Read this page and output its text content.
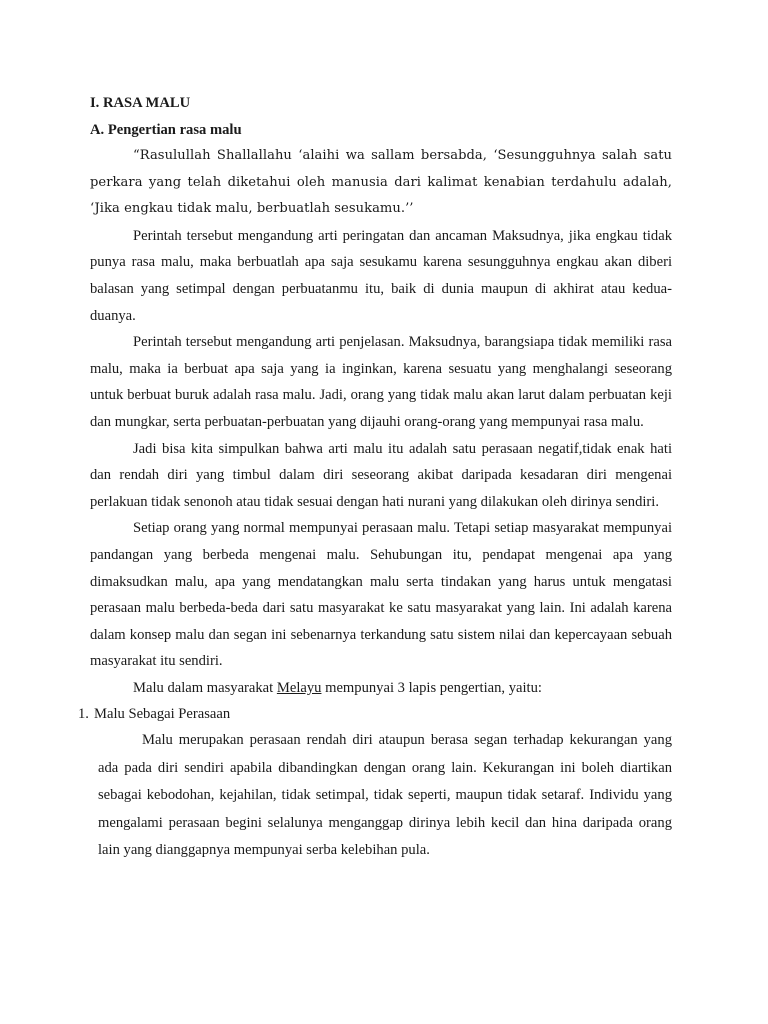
I. RASA MALU

A. Pengertian rasa malu

“Rasulullah Shallallahu ‘alaihi wa sallam bersabda, ‘Sesungguhnya salah satu perkara yang telah diketahui oleh manusia dari kalimat kenabian terdahulu adalah, ‘Jika engkau tidak malu, berbuatlah sesukamu.’’

Perintah tersebut mengandung arti peringatan dan ancaman Maksudnya, jika engkau tidak punya rasa malu, maka berbuatlah apa saja sesukamu karena sesungguhnya engkau akan diberi balasan yang setimpal dengan perbuatanmu itu, baik di dunia maupun di akhirat atau kedua-duanya.

Perintah tersebut mengandung arti penjelasan. Maksudnya, barangsiapa tidak memiliki rasa malu, maka ia berbuat apa saja yang ia inginkan, karena sesuatu yang menghalangi seseorang untuk berbuat buruk adalah rasa malu. Jadi, orang yang tidak malu akan larut dalam perbuatan keji dan mungkar, serta perbuatan-perbuatan yang dijauhi orang-orang yang mempunyai rasa malu.

Jadi bisa kita simpulkan bahwa arti malu itu adalah satu perasaan negatif,tidak enak hati dan rendah diri yang timbul dalam diri seseorang akibat daripada kesadaran diri mengenai perlakuan tidak senonoh atau tidak sesuai dengan hati nurani yang dilakukan oleh dirinya sendiri.

Setiap orang yang normal mempunyai perasaan malu. Tetapi setiap masyarakat mempunyai pandangan yang berbeda mengenai malu. Sehubungan itu, pendapat mengenai apa yang dimaksudkan malu, apa yang mendatangkan malu serta tindakan yang harus untuk mengatasi perasaan malu berbeda-beda dari satu masyarakat ke satu masyarakat yang lain. Ini adalah karena dalam konsep malu dan segan ini sebenarnya terkandung satu sistem nilai dan kepercayaan sebuah masyarakat itu sendiri.

Malu dalam masyarakat Melayu mempunyai 3 lapis pengertian, yaitu:

1. Malu Sebagai Perasaan

Malu merupakan perasaan rendah diri ataupun berasa segan terhadap kekurangan yang ada pada diri sendiri apabila dibandingkan dengan orang lain. Kekurangan ini boleh diartikan sebagai kebodohan, kejahilan, tidak setimpal, tidak seperti, maupun tidak setaraf. Individu yang mengalami perasaan begini selalunya menganggap dirinya lebih kecil dan hina daripada orang lain yang dianggapnya mempunyai serba kelebihan pula.
